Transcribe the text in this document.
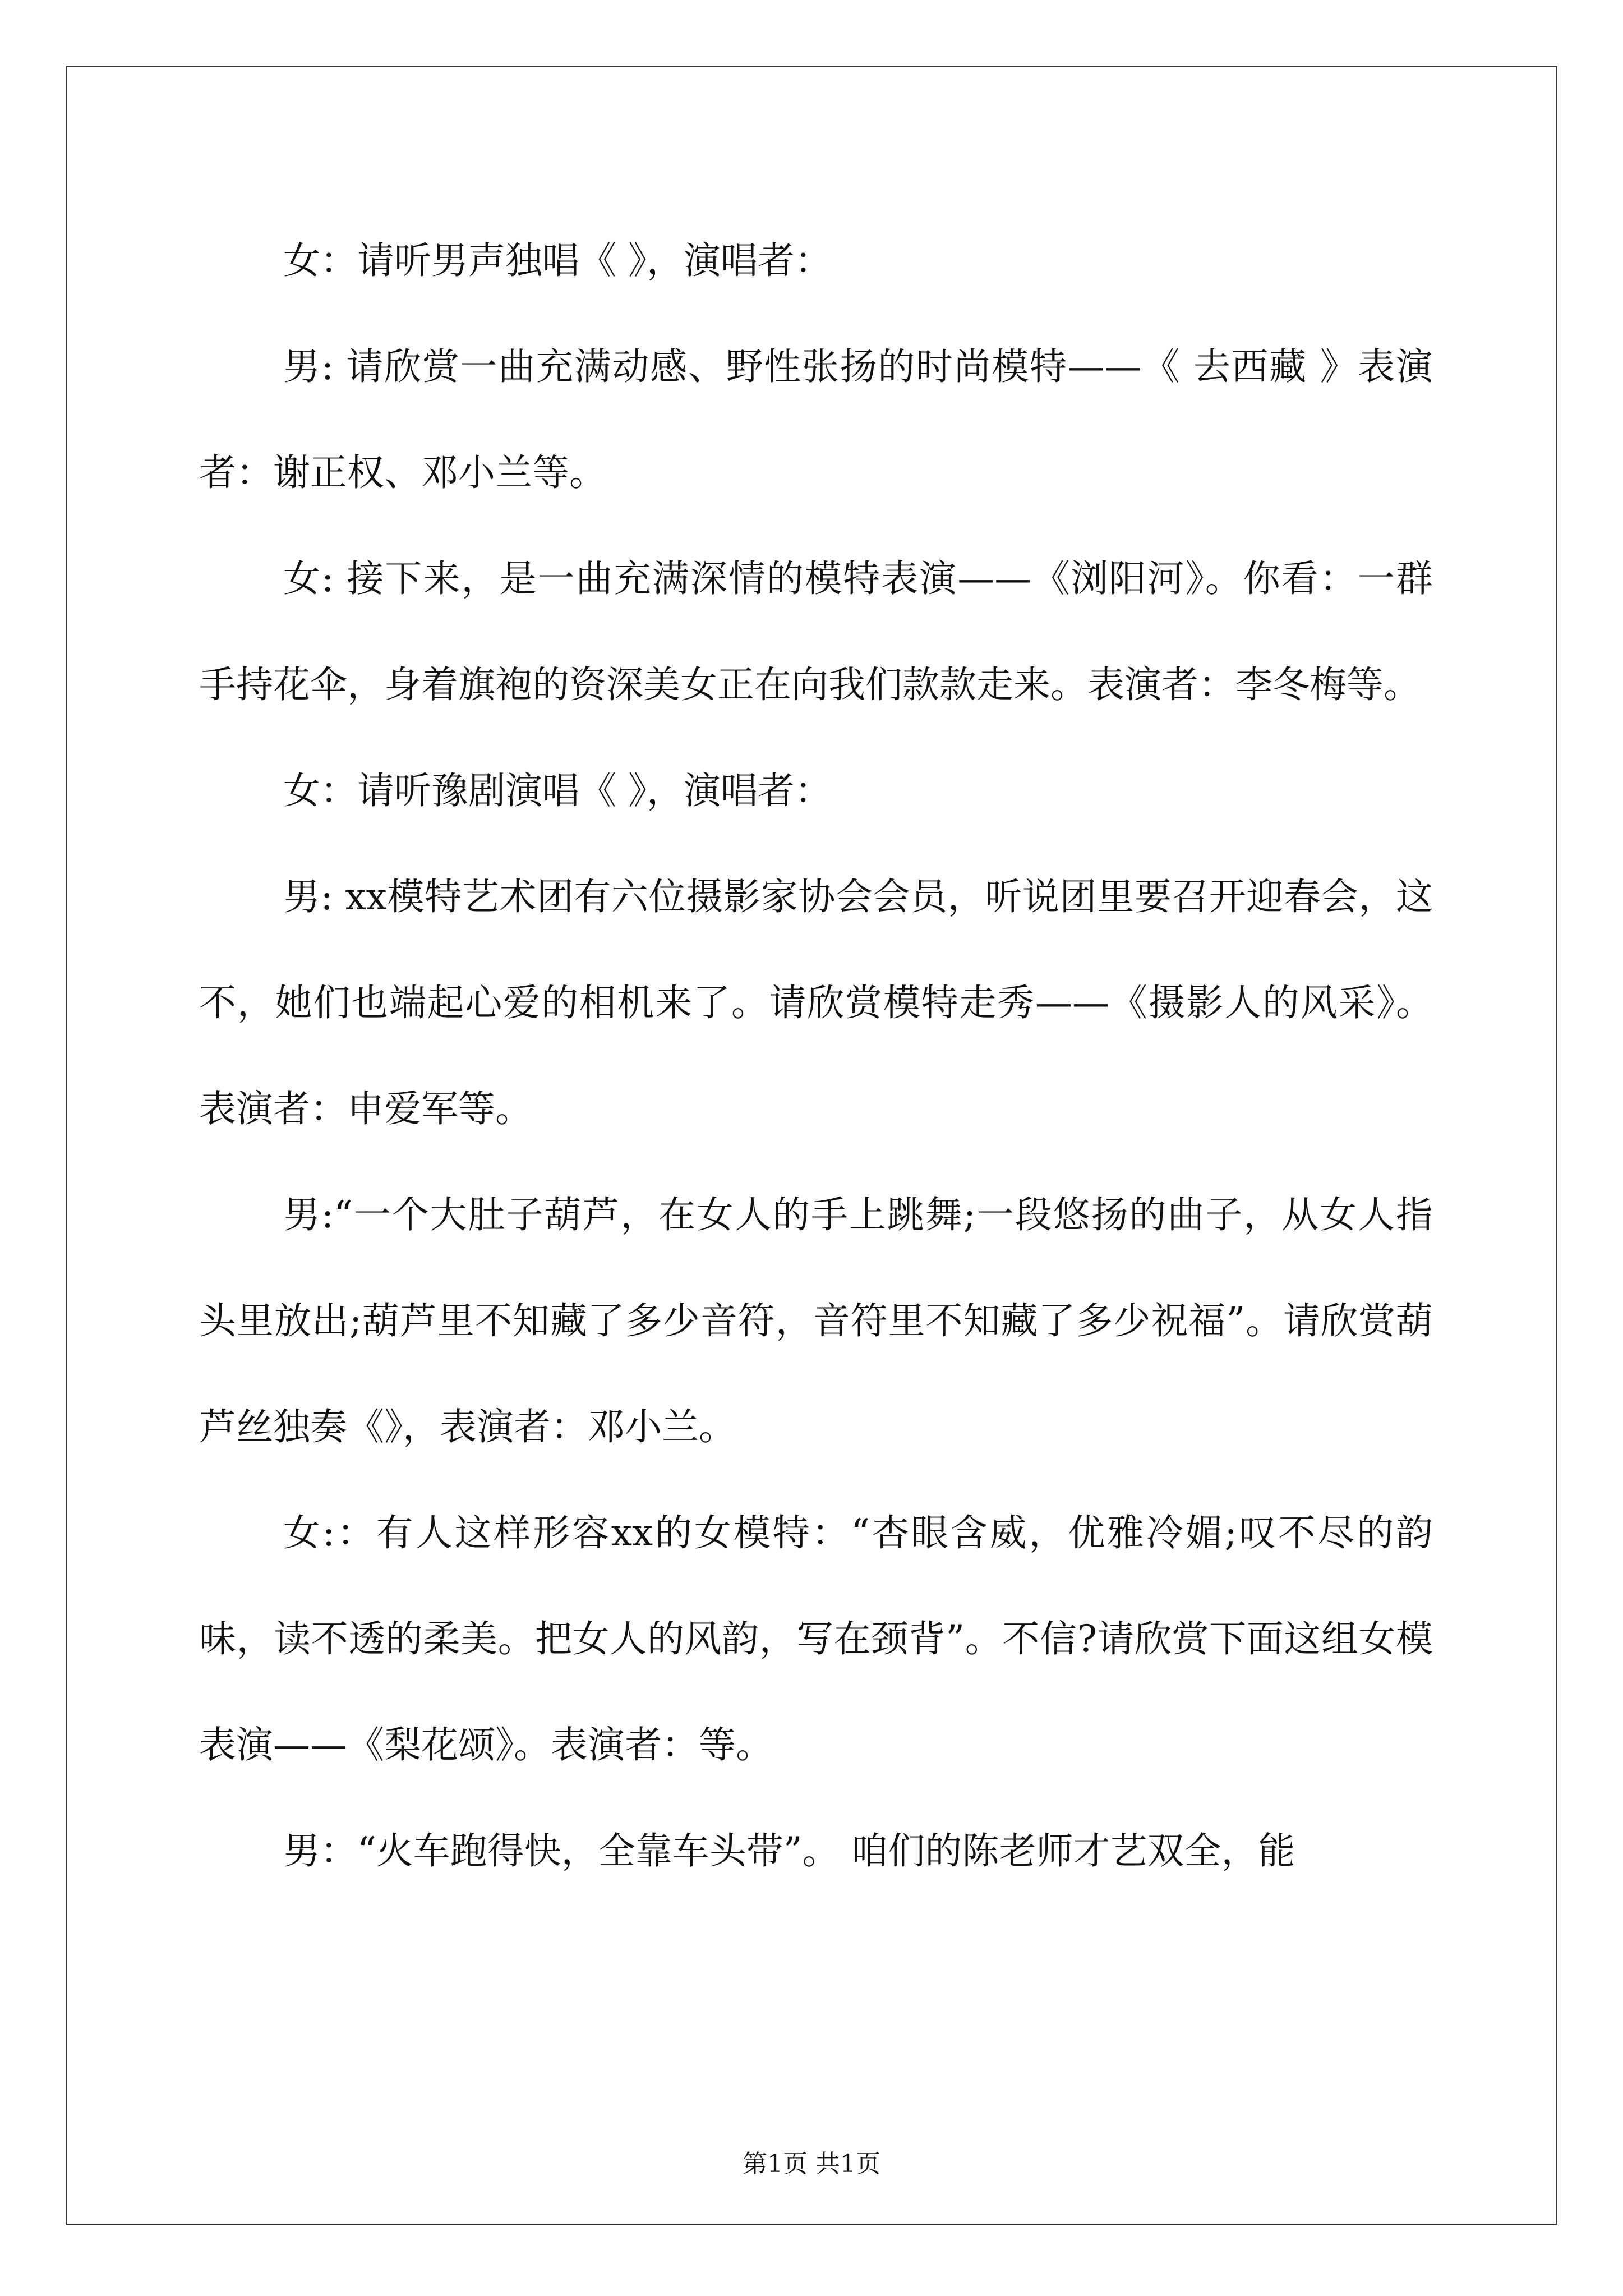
女：请听男声独唱《 》，演唱者：

男: 请欣赏一曲充满动感、野性张扬的时尚模特——《 去西藏 》表演者：谢正权、邓小兰等。

女: 接下来，是一曲充满深情的模特表演——《浏阳河》。你看：一群手持花伞，身着旗袍的资深美女正在向我们款款走来。表演者：李冬梅等。

女：请听豫剧演唱《 》，演唱者：

男: xx模特艺术团有六位摄影家协会会员，听说团里要召开迎春会，这不，她们也端起心爱的相机来了。请欣赏模特走秀——《摄影人的风采》。表演者：申爱军等。

男:“一个大肚子葫芦，在女人的手上跳舞;一段悠扬的曲子，从女人指头里放出;葫芦里不知藏了多少音符，音符里不知藏了多少祝福”。请欣赏葫芦丝独奏《》，表演者：邓小兰。

女:：有人这样形容xx的女模特：“杏眼含威，优雅冷媚;叹不尽的韵味，读不透的柔美。把女人的风韵，写在颈背”。不信?请欣赏下面这组女模表演——《梨花颂》。表演者：等。

男：“火车跑得快，全靠车头带”。 咱们的陈老师才艺双全，能

第1页 共1页
